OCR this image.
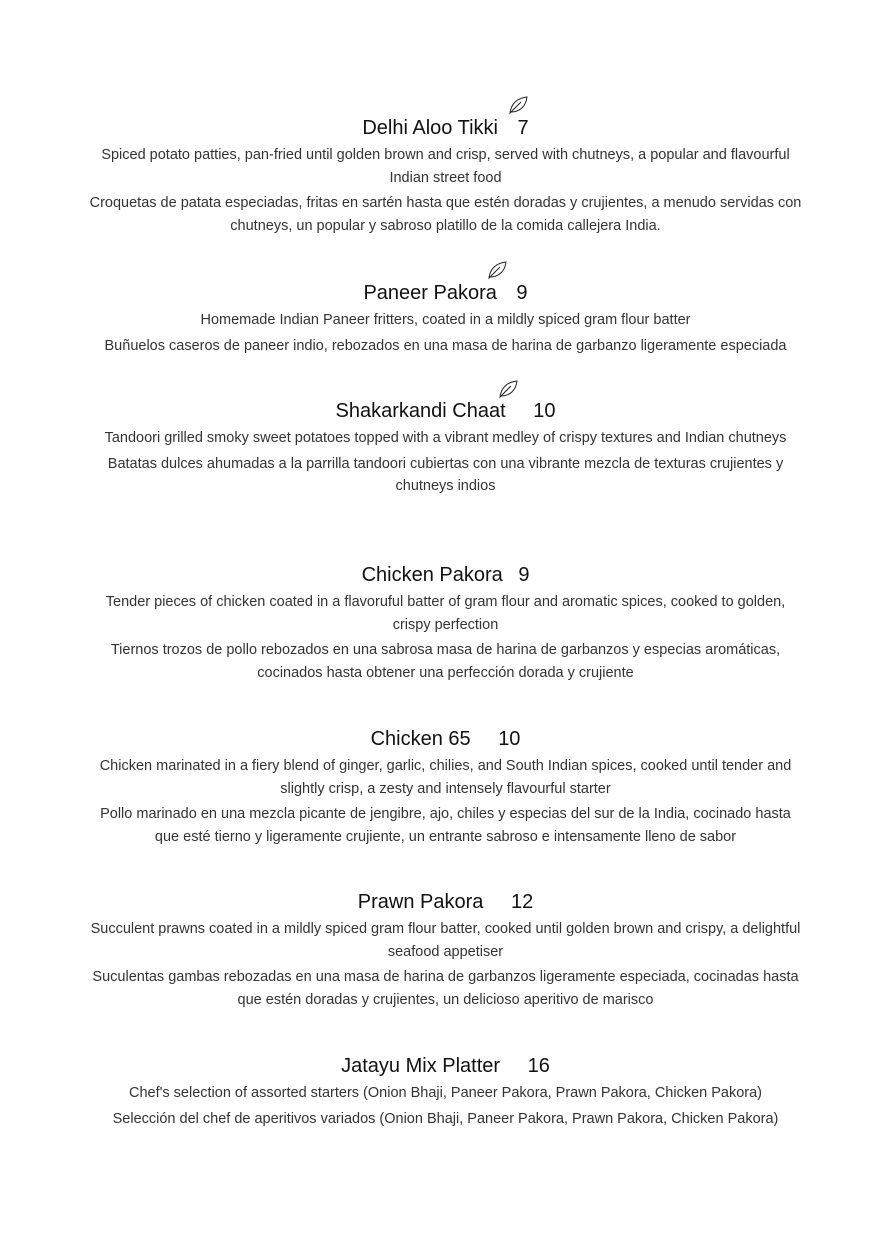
Delhi Aloo Tikki 7
Spiced potato patties, pan-fried until golden brown and crisp, served with chutneys, a popular and flavourful Indian street food
Croquetas de patata especiadas, fritas en sartén hasta que estén doradas y crujientes, a menudo servidas con chutneys, un popular y sabroso platillo de la comida callejera India.
Paneer Pakora 9
Homemade Indian Paneer fritters, coated in a mildly spiced gram flour batter
Buñuelos caseros de paneer indio, rebozados en una masa de harina de garbanzo ligeramente especiada
Shakarkandi Chaat 10
Tandoori grilled smoky sweet potatoes topped with a vibrant medley of crispy textures and Indian chutneys
Batatas dulces ahumadas a la parrilla tandoori cubiertas con una vibrante mezcla de texturas crujientes y chutneys indios
Chicken Pakora 9
Tender pieces of chicken coated in a flavoruful batter of gram flour and aromatic spices, cooked to golden, crispy perfection
Tiernos trozos de pollo rebozados en una sabrosa masa de harina de garbanzos y especias aromáticas, cocinados hasta obtener una perfección dorada y crujiente
Chicken 65 10
Chicken marinated in a fiery blend of ginger, garlic, chilies, and South Indian spices, cooked until tender and slightly crisp, a zesty and intensely flavourful starter
Pollo marinado en una mezcla picante de jengibre, ajo, chiles y especias del sur de la India, cocinado hasta que esté tierno y ligeramente crujiente, un entrante sabroso e intensamente lleno de sabor
Prawn Pakora 12
Succulent prawns coated in a mildly spiced gram flour batter, cooked until golden brown and crispy, a delightful seafood appetiser
Suculentas gambas rebozadas en una masa de harina de garbanzos ligeramente especiada, cocinadas hasta que estén doradas y crujientes, un delicioso aperitivo de marisco
Jatayu Mix Platter 16
Chef's selection of assorted starters (Onion Bhaji, Paneer Pakora, Prawn Pakora, Chicken Pakora)
Selección del chef de aperitivos variados (Onion Bhaji, Paneer Pakora, Prawn Pakora, Chicken Pakora)
